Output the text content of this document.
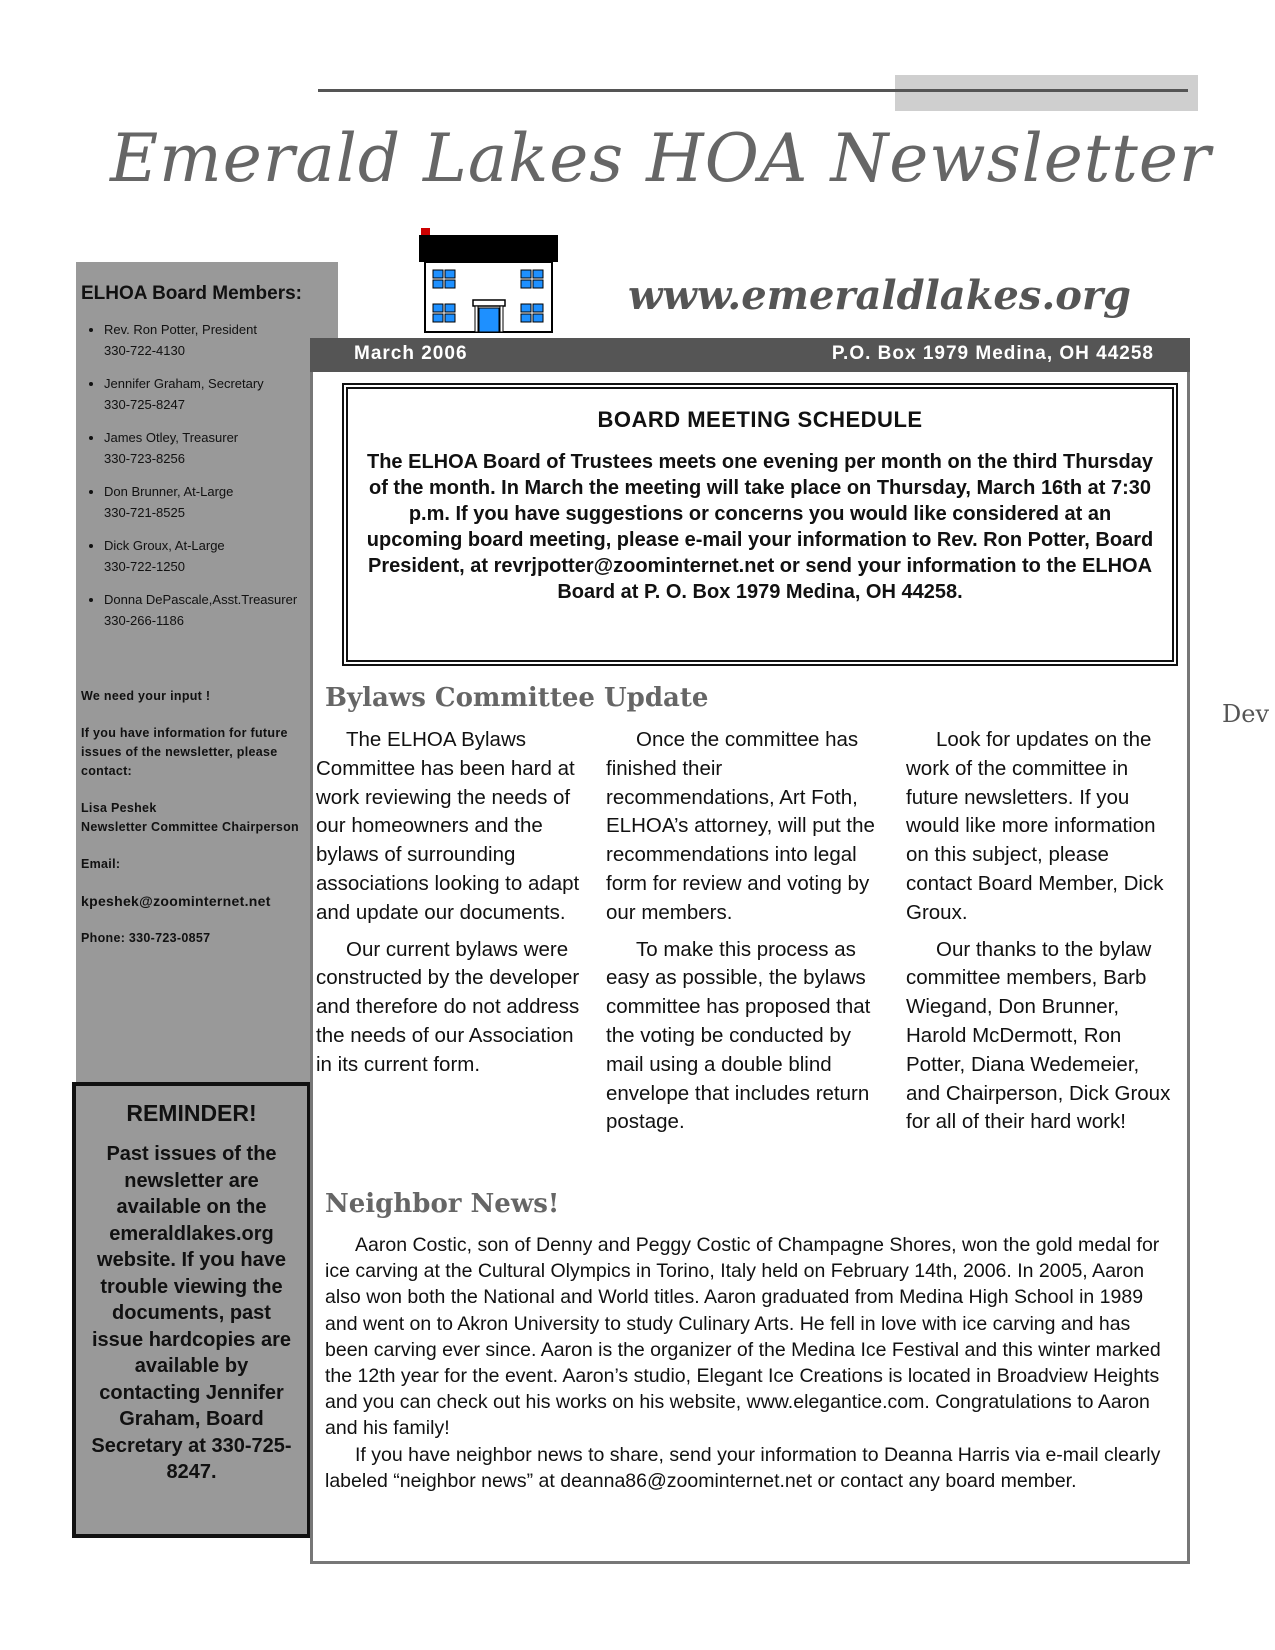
Emerald Lakes HOA Newsletter
www.emeraldlakes.org
Dev
ELHOA Board Members:
• Rev. Ron Potter, President
330-722-4130
• Jennifer Graham, Secretary
330-725-8247
• James Otley, Treasurer
330-723-8256
• Don Brunner, At-Large
330-721-8525
• Dick Groux, At-Large
330-722-1250
• Donna DePascale,Asst.Treasurer
330-266-1186
We need your input !
If you have information for future issues of the newsletter, please contact:
Lisa Peshek
Newsletter Committee Chairperson
Email:
kpeshek@zoominternet.net
Phone: 330-723-0857
REMINDER!
Past issues of the newsletter are available on the emeraldlakes.org website. If you have trouble viewing the documents, past issue hardcopies are available by contacting Jennifer Graham, Board Secretary at 330-725-8247.
March 2006	P.O. Box 1979 Medina, OH 44258
BOARD MEETING SCHEDULE
The ELHOA Board of Trustees meets one evening per month on the third Thursday of the month. In March the meeting will take place on Thursday, March 16th at 7:30 p.m. If you have suggestions or concerns you would like considered at an upcoming board meeting, please e-mail your information to Rev. Ron Potter, Board President, at revrjpotter@zoominternet.net or send your information to the ELHOA Board at P. O. Box 1979 Medina, OH 44258.
Bylaws Committee Update

The ELHOA Bylaws Committee has been hard at work reviewing the needs of our homeowners and the bylaws of surrounding associations looking to adapt and update our documents.

Our current bylaws were constructed by the developer and therefore do not address the needs of our Association in its current form.

Once the committee has finished their recommendations, Art Foth, ELHOA’s attorney, will put the recommendations into legal form for review and voting by our members.

To make this process as easy as possible, the bylaws committee has proposed that the voting be conducted by mail using a double blind envelope that includes return postage.

Look for updates on the work of the committee in future newsletters. If you would like more information on this subject, please contact Board Member, Dick Groux.

Our thanks to the bylaw committee members, Barb Wiegand, Don Brunner, Harold McDermott, Ron Potter, Diana Wedemeier, and Chairperson, Dick Groux for all of their hard work!

Neighbor News!

Aaron Costic, son of Denny and Peggy Costic of Champagne Shores, won the gold medal for ice carving at the Cultural Olympics in Torino, Italy held on February 14th, 2006. In 2005, Aaron also won both the National and World titles. Aaron graduated from Medina High School in 1989 and went on to Akron University to study Culinary Arts. He fell in love with ice carving and has been carving ever since. Aaron is the organizer of the Medina Ice Festival and this winter marked the 12th year for the event. Aaron’s studio, Elegant Ice Creations is located in Broadview Heights and you can check out his works on his website, www.elegantice.com. Congratulations to Aaron and his family!

If you have neighbor news to share, send your information to Deanna Harris via e-mail clearly labeled “neighbor news” at deanna86@zoominternet.net or contact any board member.
